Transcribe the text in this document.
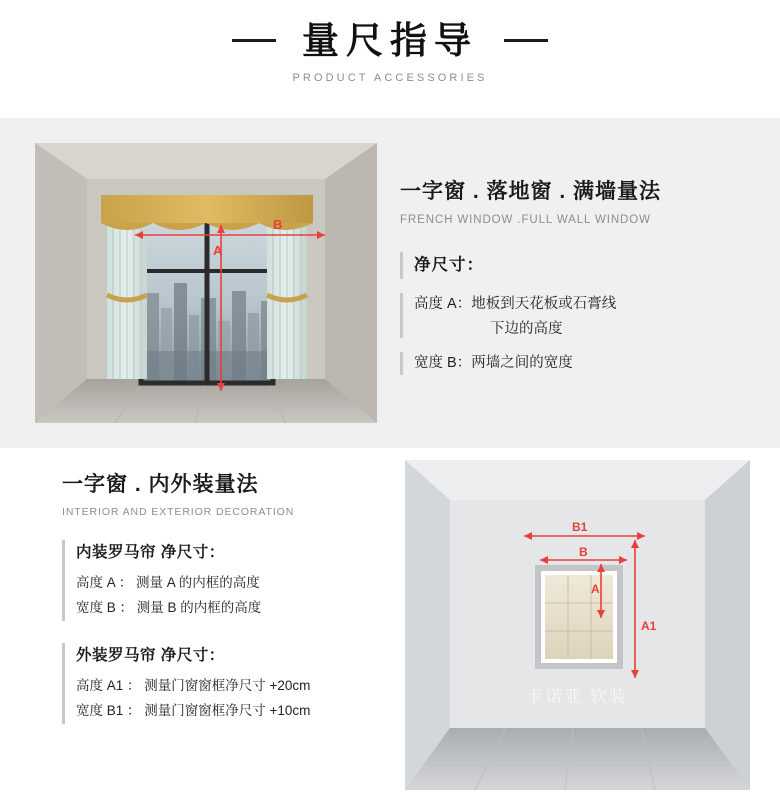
量尺指导
PRODUCT ACCESSORIES
A
B
一字窗 . 落地窗 . 满墙量法
FRENCH WINDOW .FULL WALL WINDOW
净尺寸：
高度 A： 地板到天花板或石膏线
下边的高度
宽度 B： 两墙之间的宽度
一字窗 . 内外装量法
INTERIOR AND EXTERIOR DECORATION
内装罗马帘 净尺寸：
高度 A ： 测量 A 的内框的高度
宽度 B ： 测量 B 的内框的高度
外装罗马帘 净尺寸：
高度 A1 ： 测量门窗窗框净尺寸 +20cm
宽度 B1 ： 测量门窗窗框净尺寸 +10cm
B1
B
A
A1
卡诺亚 软装
